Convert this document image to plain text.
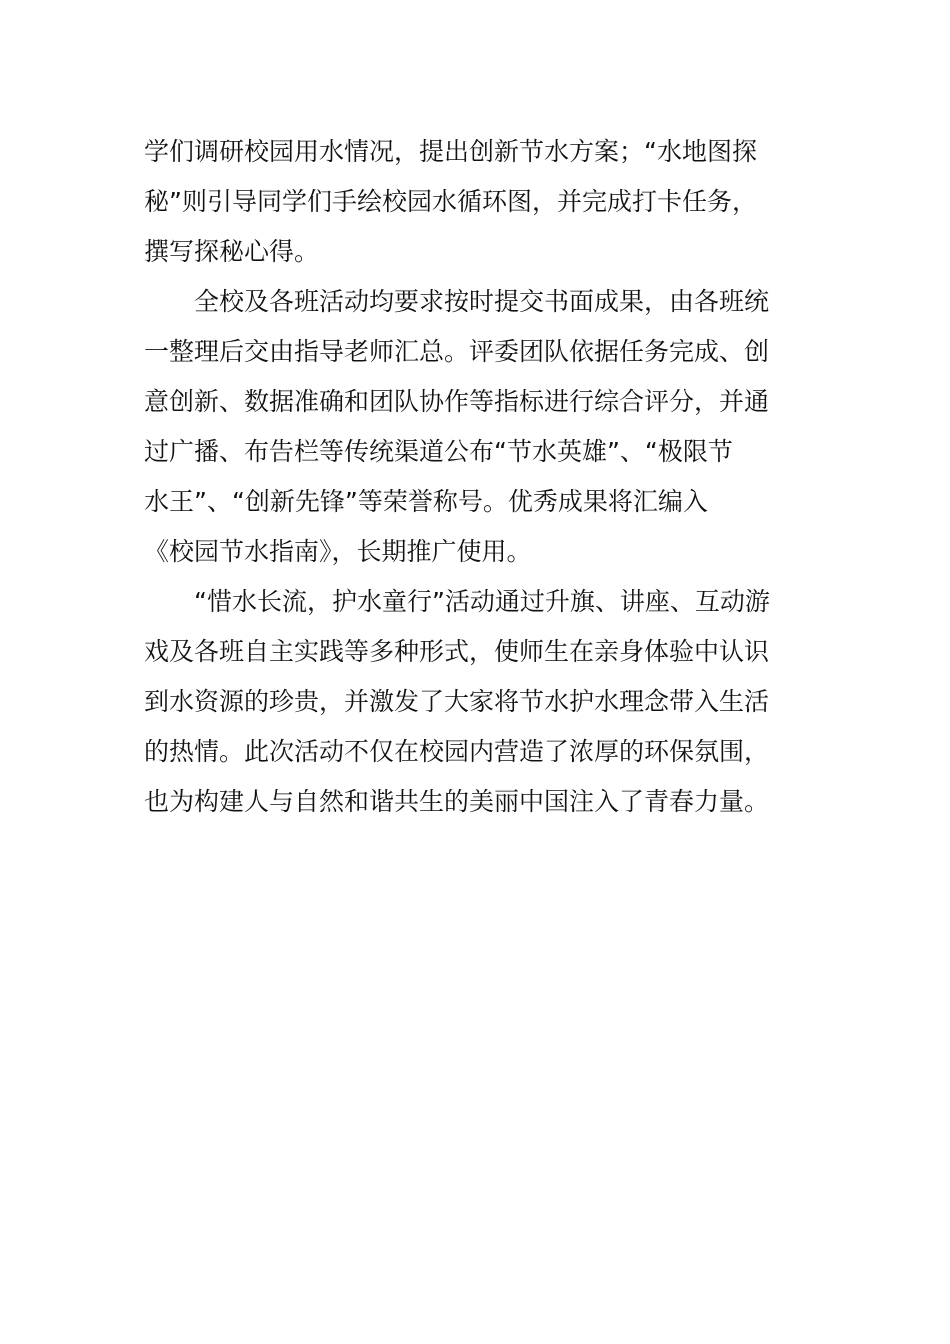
学们调研校园用水情况，提出创新节水方案；“水地图探
秘”则引导同学们手绘校园水循环图，并完成打卡任务，
撰写探秘心得。
全校及各班活动均要求按时提交书面成果，由各班统
一整理后交由指导老师汇总。评委团队依据任务完成、创
意创新、数据准确和团队协作等指标进行综合评分，并通
过广播、布告栏等传统渠道公布“节水英雄”、“极限节
水王”、“创新先锋”等荣誉称号。优秀成果将汇编入
《校园节水指南》，长期推广使用。
“惜水长流，护水童行”活动通过升旗、讲座、互动游
戏及各班自主实践等多种形式，使师生在亲身体验中认识
到水资源的珍贵，并激发了大家将节水护水理念带入生活
的热情。此次活动不仅在校园内营造了浓厚的环保氛围，
也为构建人与自然和谐共生的美丽中国注入了青春力量。
